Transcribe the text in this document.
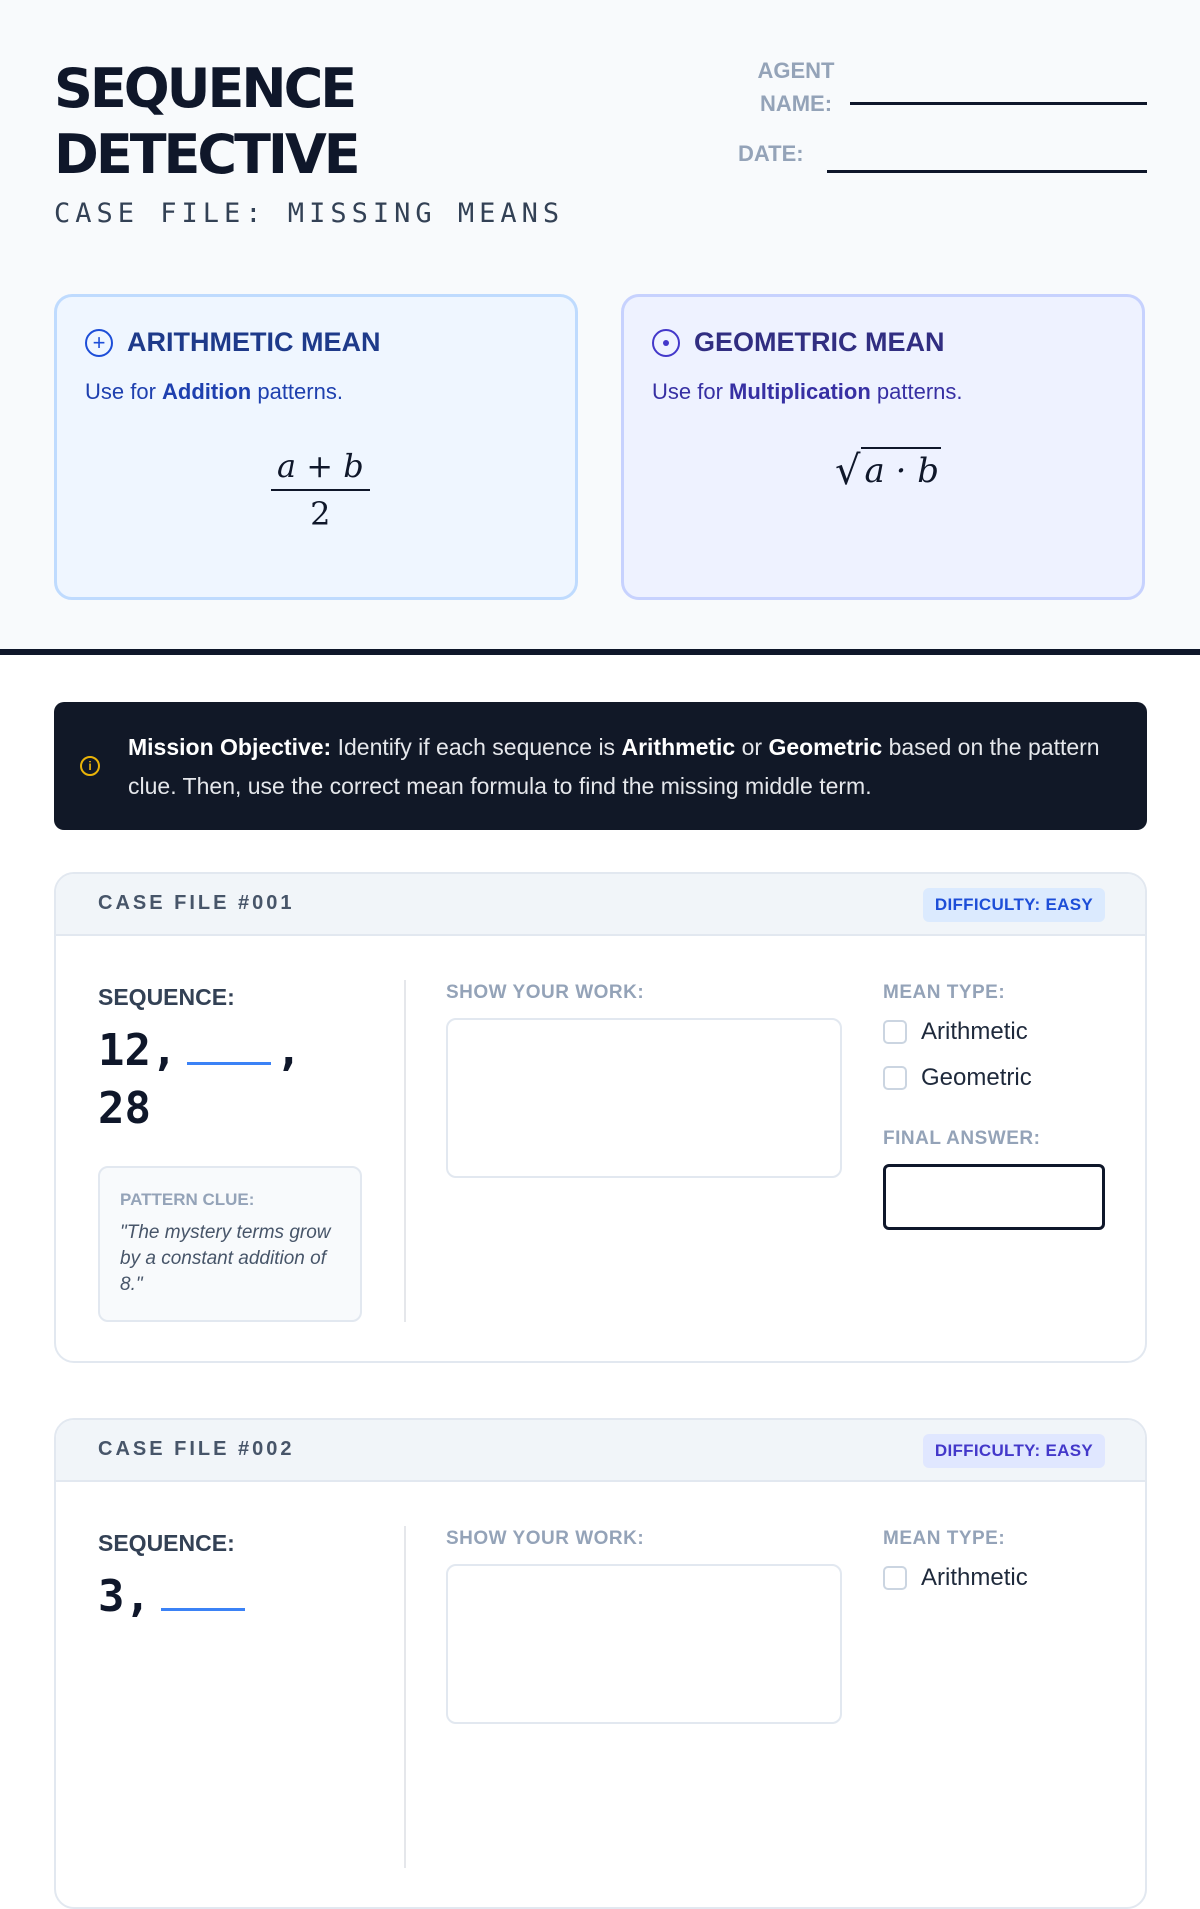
SEQUENCE
DETECTIVE
CASE FILE: MISSING MEANS
AGENT
NAME:
DATE:
+ ARITHMETIC MEAN
Use for Addition patterns.
$\frac{a + b}{2}$
GEOMETRIC MEAN
Use for Multiplication patterns.
√ a · b
i
Mission Objective: Identify if each sequence is Arithmetic or Geometric based on the pattern clue. Then, use the correct mean formula to find the missing middle term.
CASE FILE #001	DIFFICULTY: EASY
SEQUENCE:
12, ,
28
PATTERN CLUE:
"The mystery terms grow by a constant addition of 8."
SHOW YOUR WORK:	MEAN TYPE:
Arithmetic
Geometric
FINAL ANSWER:
CASE FILE #002	DIFFICULTY: EASY
SEQUENCE:
3,
SHOW YOUR WORK:	MEAN TYPE:
Arithmetic
